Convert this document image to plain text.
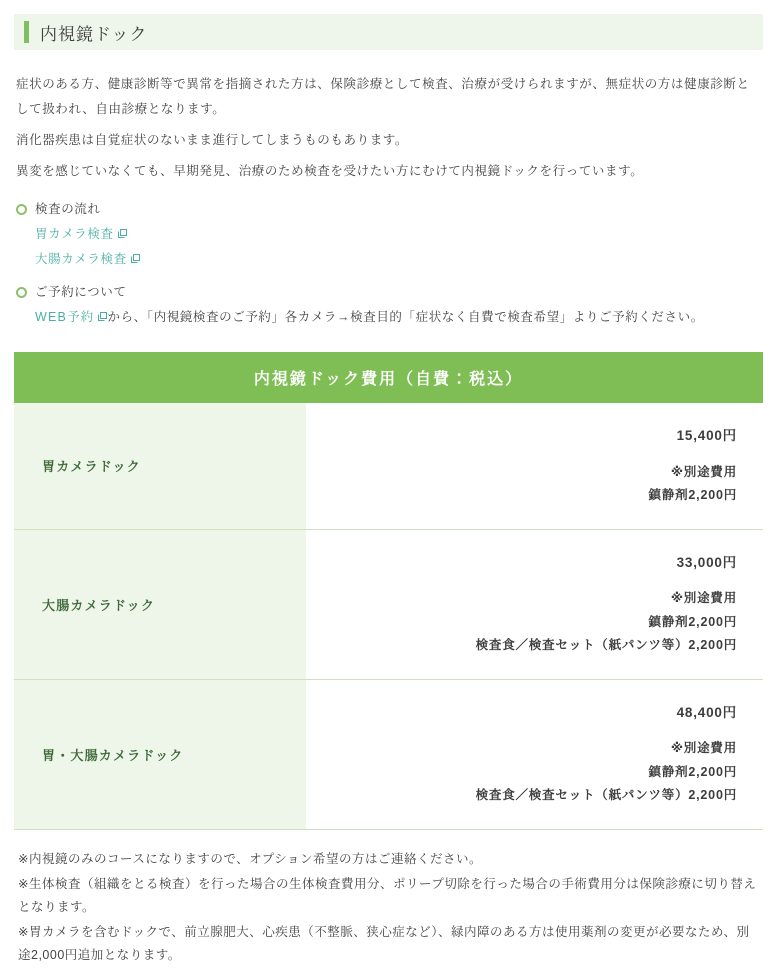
内視鏡ドック

症状のある方、健康診断等で異常を指摘された方は、保険診療として検査、治療が受けられますが、無症状の方は健康診断として扱われ、自由診療となります。

消化器疾患は自覚症状のないまま進行してしまうものもあります。

異変を感じていなくても、早期発見、治療のため検査を受けたい方にむけて内視鏡ドックを行っています。

検査の流れ
胃カメラ検査
大腸カメラ検査
ご予約について
WEB予約 から、「内視鏡検査のご予約」各カメラ→検査目的「症状なく自費で検査希望」よりご予約ください。
内視鏡ドック費用（自費：税込）
胃カメラドック	15,400円
※別途費用
鎮静剤2,200円

大腸カメラドック	33,000円
※別途費用
鎮静剤2,200円
検査食／検査セット（紙パンツ等）2,200円

胃・大腸カメラドック	48,400円
※別途費用
鎮静剤2,200円
検査食／検査セット（紙パンツ等）2,200円
※内視鏡のみのコースになりますので、オプション希望の方はご連絡ください。
※生体検査（組織をとる検査）を行った場合の生体検査費用分、ポリープ切除を行った場合の手術費用分は保険診療に切り替えとなります。
※胃カメラを含むドックで、前立腺肥大、心疾患（不整脈、狭心症など）、緑内障のある方は使用薬剤の変更が必要なため、別途2,000円追加となります。
